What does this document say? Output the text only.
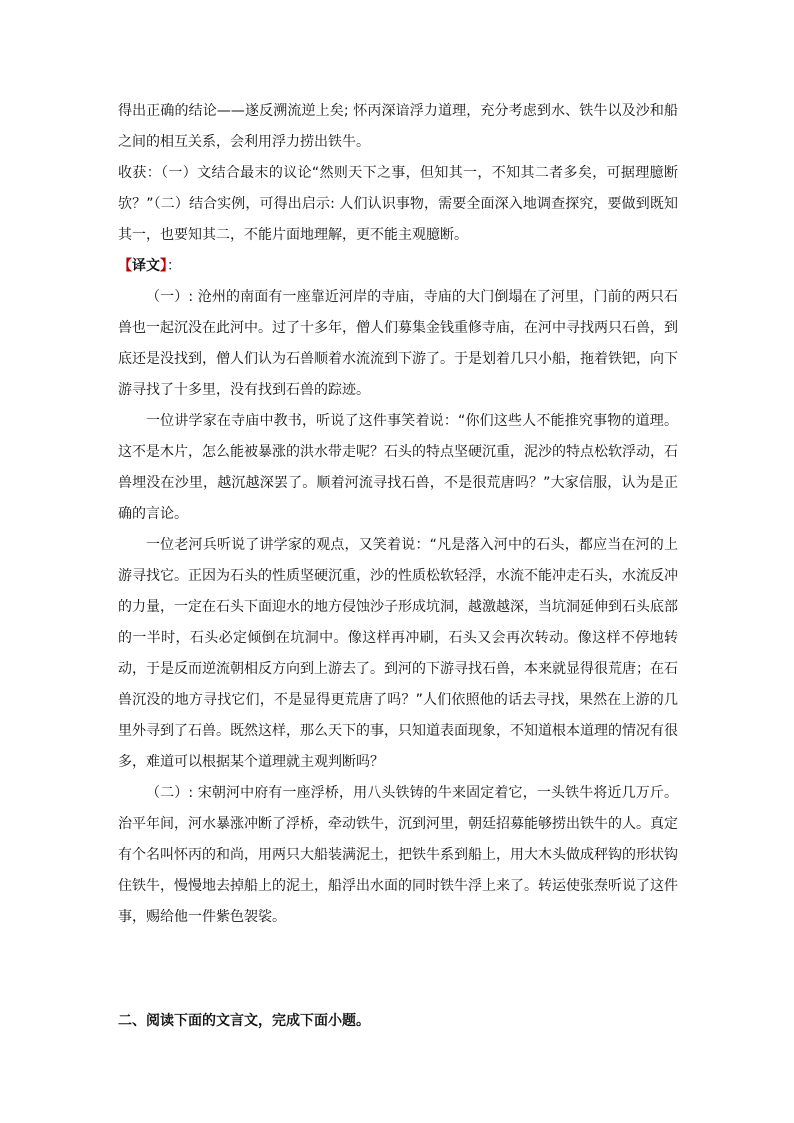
得出正确的结论——遂反溯流逆上矣; 怀丙深谙浮力道理，充分考虑到水、铁牛以及沙和船之间的相互关系，会利用浮力捞出铁牛。

收获：（一）文结合最末的议论“然则天下之事，但知其一，不知其二者多矣，可据理臆断欤？”（二）结合实例，可得出启示: 人们认识事物，需要全面深入地调查探究，要做到既知其一，也要知其二，不能片面地理解，更不能主观臆断。

【译文】：

（一）: 沧州的南面有一座靠近河岸的寺庙，寺庙的大门倒塌在了河里，门前的两只石兽也一起沉没在此河中。过了十多年，僧人们募集金钱重修寺庙，在河中寻找两只石兽，到底还是没找到，僧人们认为石兽顺着水流流到下游了。于是划着几只小船，拖着铁钯，向下游寻找了十多里，没有找到石兽的踪迹。

一位讲学家在寺庙中教书，听说了这件事笑着说：“你们这些人不能推究事物的道理。这不是木片，怎么能被暴涨的洪水带走呢？石头的特点坚硬沉重，泥沙的特点松软浮动，石兽埋没在沙里，越沉越深罢了。顺着河流寻找石兽，不是很荒唐吗？”大家信服，认为是正确的言论。

一位老河兵听说了讲学家的观点，又笑着说：“凡是落入河中的石头，都应当在河的上游寻找它。正因为石头的性质坚硬沉重，沙的性质松软轻浮，水流不能冲走石头，水流反冲的力量，一定在石头下面迎水的地方侵蚀沙子形成坑洞，越激越深，当坑洞延伸到石头底部的一半时，石头必定倾倒在坑洞中。像这样再冲刷，石头又会再次转动。像这样不停地转动，于是反而逆流朝相反方向到上游去了。到河的下游寻找石兽，本来就显得很荒唐；在石兽沉没的地方寻找它们，不是显得更荒唐了吗？”人们依照他的话去寻找，果然在上游的几里外寻到了石兽。既然这样，那么天下的事，只知道表面现象，不知道根本道理的情况有很多，难道可以根据某个道理就主观判断吗？

（二）: 宋朝河中府有一座浮桥，用八头铁铸的牛来固定着它，一头铁牛将近几万斤。治平年间，河水暴涨冲断了浮桥，牵动铁牛，沉到河里，朝廷招募能够捞出铁牛的人。真定有个名叫怀丙的和尚，用两只大船装满泥土，把铁牛系到船上，用大木头做成秤钩的形状钩住铁牛，慢慢地去掉船上的泥土，船浮出水面的同时铁牛浮上来了。转运使张焘听说了这件事，赐给他一件紫色袈裟。

二、阅读下面的文言文，完成下面小题。
